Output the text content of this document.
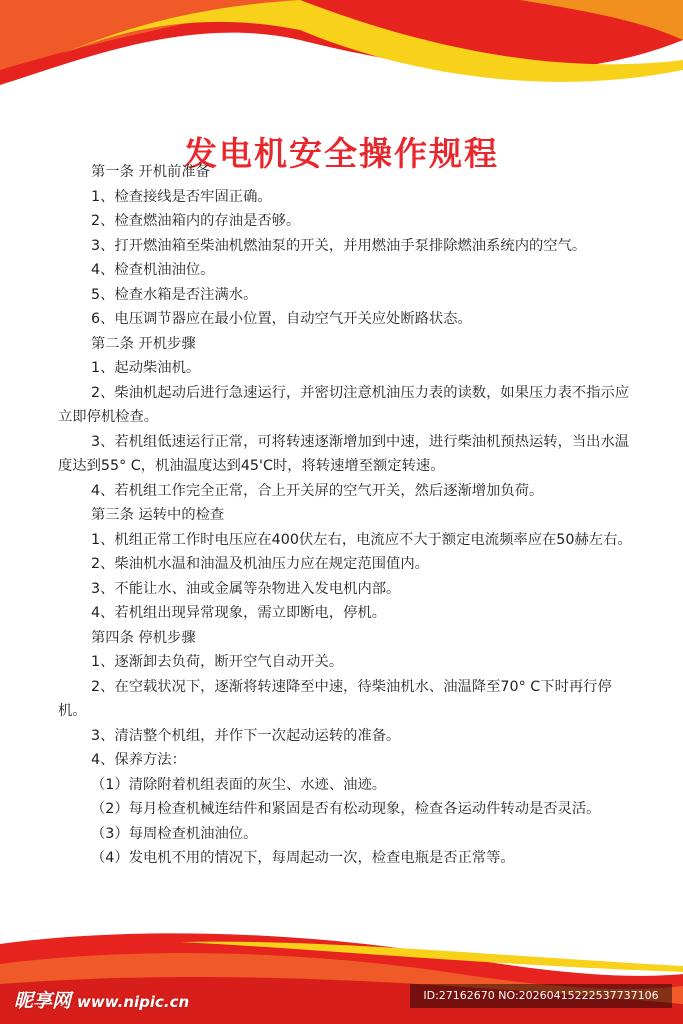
发电机安全操作规程

第一条 开机前准备

1、检查接线是否牢固正确。

2、检查燃油箱内的存油是否够。

3、打开燃油箱至柴油机燃油泵的开关，并用燃油手泵排除燃油系统内的空气。

4、检查机油油位。

5、检查水箱是否注满水。

6、电压调节器应在最小位置，自动空气开关应处断路状态。

第二条 开机步骤

1、起动柴油机。

2、柴油机起动后进行急速运行，并密切注意机油压力表的读数，如果压力表不指示应立即停机检查。

3、若机组低速运行正常，可将转速逐渐增加到中速，进行柴油机预热运转，当出水温度达到55° C，机油温度达到45'C时，将转速增至额定转速。

4、若机组工作完全正常，合上开关屏的空气开关，然后逐渐增加负荷。

第三条 运转中的检查

1、机组正常工作时电压应在400伏左右，电流应不大于额定电流频率应在50赫左右。

2、柴油机水温和油温及机油压力应在规定范围值内。

3、不能让水、油或金属等杂物进入发电机内部。

4、若机组出现异常现象，需立即断电，停机。

第四条 停机步骤

1、逐渐卸去负荷，断开空气自动开关。

2、在空载状况下，逐渐将转速降至中速，待柴油机水、油温降至70° C下时再行停机。

3、清洁整个机组，并作下一次起动运转的准备。

4、保养方法：

（1）清除附着机组表面的灰尘、水迹、油迹。

（2）每月检查机械连结件和紧固是否有松动现象，检查各运动件转动是否灵活。

（3）每周检查机油油位。

（4）发电机不用的情况下，每周起动一次，检查电瓶是否正常等。

昵享网 www.nipic.cn	ID:27162670 NO:20260415222537737106
